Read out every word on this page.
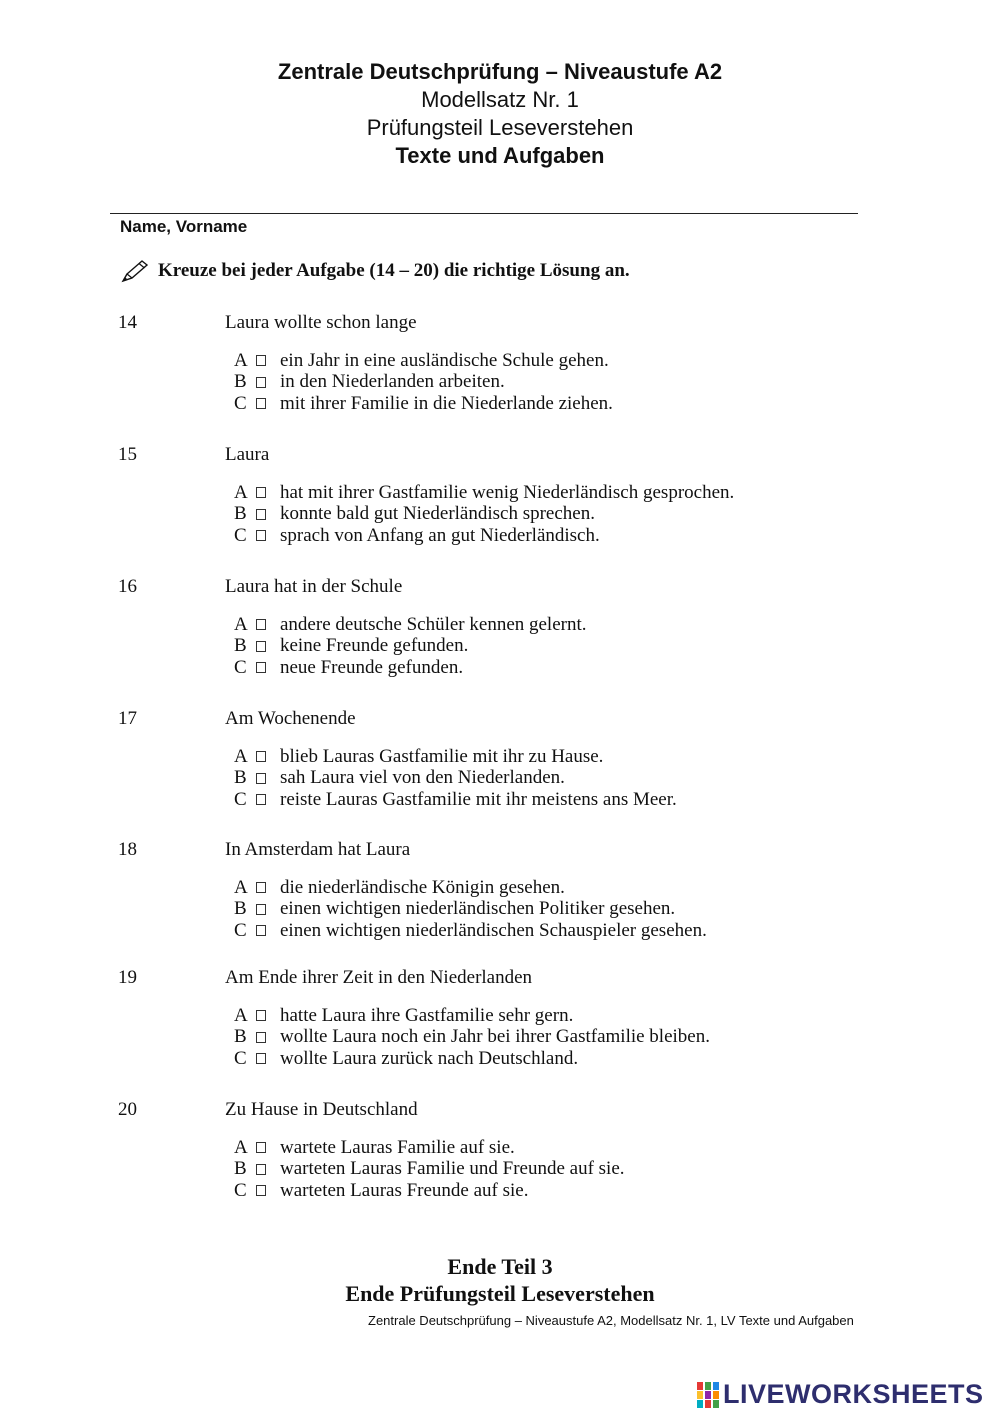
Zentrale Deutschprüfung – Niveaustufe A2
Modellsatz Nr. 1
Prüfungsteil Leseverstehen
Texte und Aufgaben
Name, Vorname
Kreuze bei jeder Aufgabe (14 – 20) die richtige Lösung an.
14	Laura wollte schon lange
A	ein Jahr in eine ausländische Schule gehen.
B	in den Niederlanden arbeiten.
C	mit ihrer Familie in die Niederlande ziehen.
15	Laura
A	hat mit ihrer Gastfamilie wenig Niederländisch gesprochen.
B	konnte bald gut Niederländisch sprechen.
C	sprach von Anfang an gut Niederländisch.
16	Laura hat in der Schule
A	andere deutsche Schüler kennen gelernt.
B	keine Freunde gefunden.
C	neue Freunde gefunden.
17	Am Wochenende
A	blieb Lauras Gastfamilie mit ihr zu Hause.
B	sah Laura viel von den Niederlanden.
C	reiste Lauras Gastfamilie mit ihr meistens ans Meer.
18	In Amsterdam hat Laura
A	die niederländische Königin gesehen.
B	einen wichtigen niederländischen Politiker gesehen.
C	einen wichtigen niederländischen Schauspieler gesehen.
19	Am Ende ihrer Zeit in den Niederlanden
A	hatte Laura ihre Gastfamilie sehr gern.
B	wollte Laura noch ein Jahr bei ihrer Gastfamilie bleiben.
C	wollte Laura zurück nach Deutschland.
20	Zu Hause in Deutschland
A	wartete Lauras Familie auf sie.
B	warteten Lauras Familie und Freunde auf sie.
C	warteten Lauras Freunde auf sie.
Ende Teil 3
Ende Prüfungsteil Leseverstehen
Zentrale Deutschprüfung – Niveaustufe A2, Modellsatz Nr. 1, LV Texte und Aufgaben
LIVEWORKSHEETS
